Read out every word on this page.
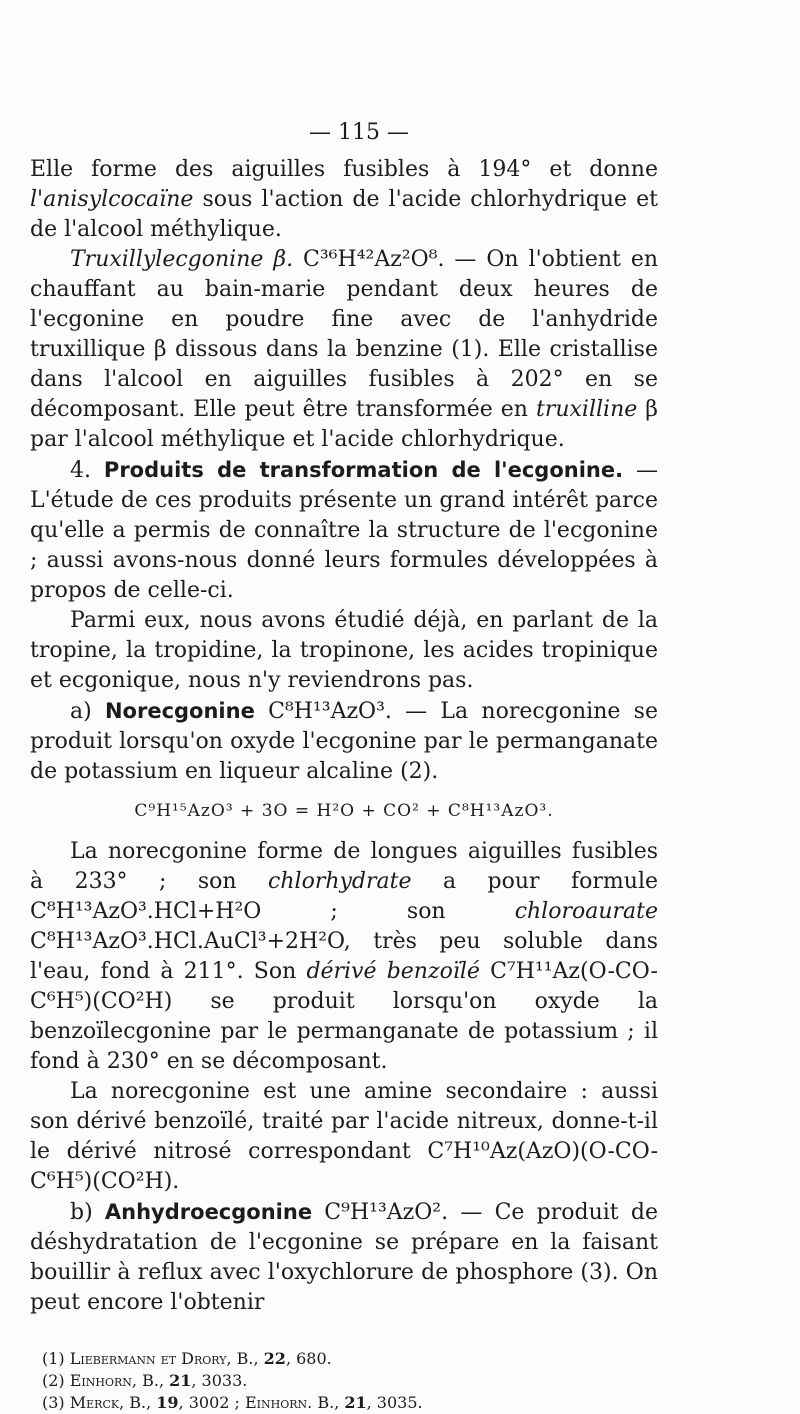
— 115 —

Elle forme des aiguilles fusibles à 194° et donne l'anisylcocaïne sous l'action de l'acide chlorhydrique et de l'alcool méthylique.

Truxillylecgonine β. C³⁶H⁴²Az²O⁸. — On l'obtient en chauffant au bain-marie pendant deux heures de l'ecgonine en poudre fine avec de l'anhydride truxillique β dissous dans la benzine (1). Elle cristallise dans l'alcool en aiguilles fusibles à 202° en se décomposant. Elle peut être transformée en truxilline β par l'alcool méthylique et l'acide chlorhydrique.

4. Produits de transformation de l'ecgonine. — L'étude de ces produits présente un grand intérêt parce qu'elle a permis de connaître la structure de l'ecgonine ; aussi avons-nous donné leurs formules développées à propos de celle-ci.

Parmi eux, nous avons étudié déjà, en parlant de la tropine, la tropidine, la tropinone, les acides tropinique et ecgonique, nous n'y reviendrons pas.

a) Norecgonine C⁸H¹³AzO³. — La norecgonine se produit lorsqu'on oxyde l'ecgonine par le permanganate de potassium en liqueur alcaline (2).

C⁹H¹⁵AzO³ + 3O = H²O + CO² + C⁸H¹³AzO³.

La norecgonine forme de longues aiguilles fusibles à 233° ; son chlorhydrate a pour formule C⁸H¹³AzO³.HCl+H²O ; son chloroaurate C⁸H¹³AzO³.HCl.AuCl³+2H²O, très peu soluble dans l'eau, fond à 211°. Son dérivé benzoïlé C⁷H¹¹Az(O-CO-C⁶H⁵)(CO²H) se produit lorsqu'on oxyde la benzoïlecgonine par le permanganate de potassium ; il fond à 230° en se décomposant.

La norecgonine est une amine secondaire : aussi son dérivé benzoïlé, traité par l'acide nitreux, donne-t-il le dérivé nitrosé correspondant C⁷H¹⁰Az(AzO)(O-CO-C⁶H⁵)(CO²H).

b) Anhydroecgonine C⁹H¹³AzO². — Ce produit de déshydratation de l'ecgonine se prépare en la faisant bouillir à reflux avec l'oxychlorure de phosphore (3). On peut encore l'obtenir

(1) Liebermann et Drory, B., 22, 680.
(2) Einhorn, B., 21, 3033.
(3) Merck, B., 19, 3002 ; Einhorn. B., 21, 3035.
